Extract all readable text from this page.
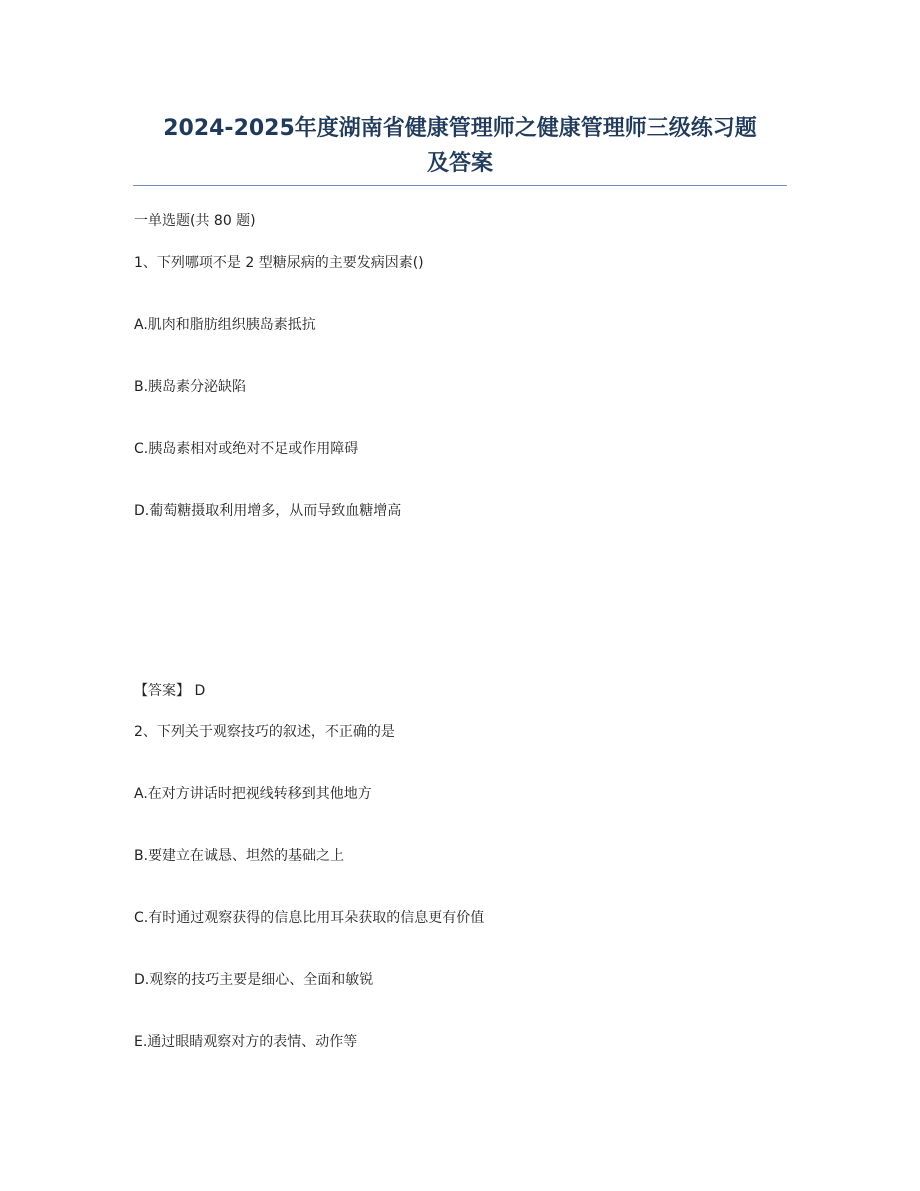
2024-2025年度湖南省健康管理师之健康管理师三级练习题
及答案
一单选题(共 80 题)
1、下列哪项不是 2 型糖尿病的主要发病因素()
A.肌肉和脂肪组织胰岛素抵抗
B.胰岛素分泌缺陷
C.胰岛素相对或绝对不足或作用障碍
D.葡萄糖摄取利用增多，从而导致血糖增高
【答案】 D
2、下列关于观察技巧的叙述，不正确的是
A.在对方讲话时把视线转移到其他地方
B.要建立在诚恳、坦然的基础之上
C.有时通过观察获得的信息比用耳朵获取的信息更有价值
D.观察的技巧主要是细心、全面和敏锐
E.通过眼睛观察对方的表情、动作等
